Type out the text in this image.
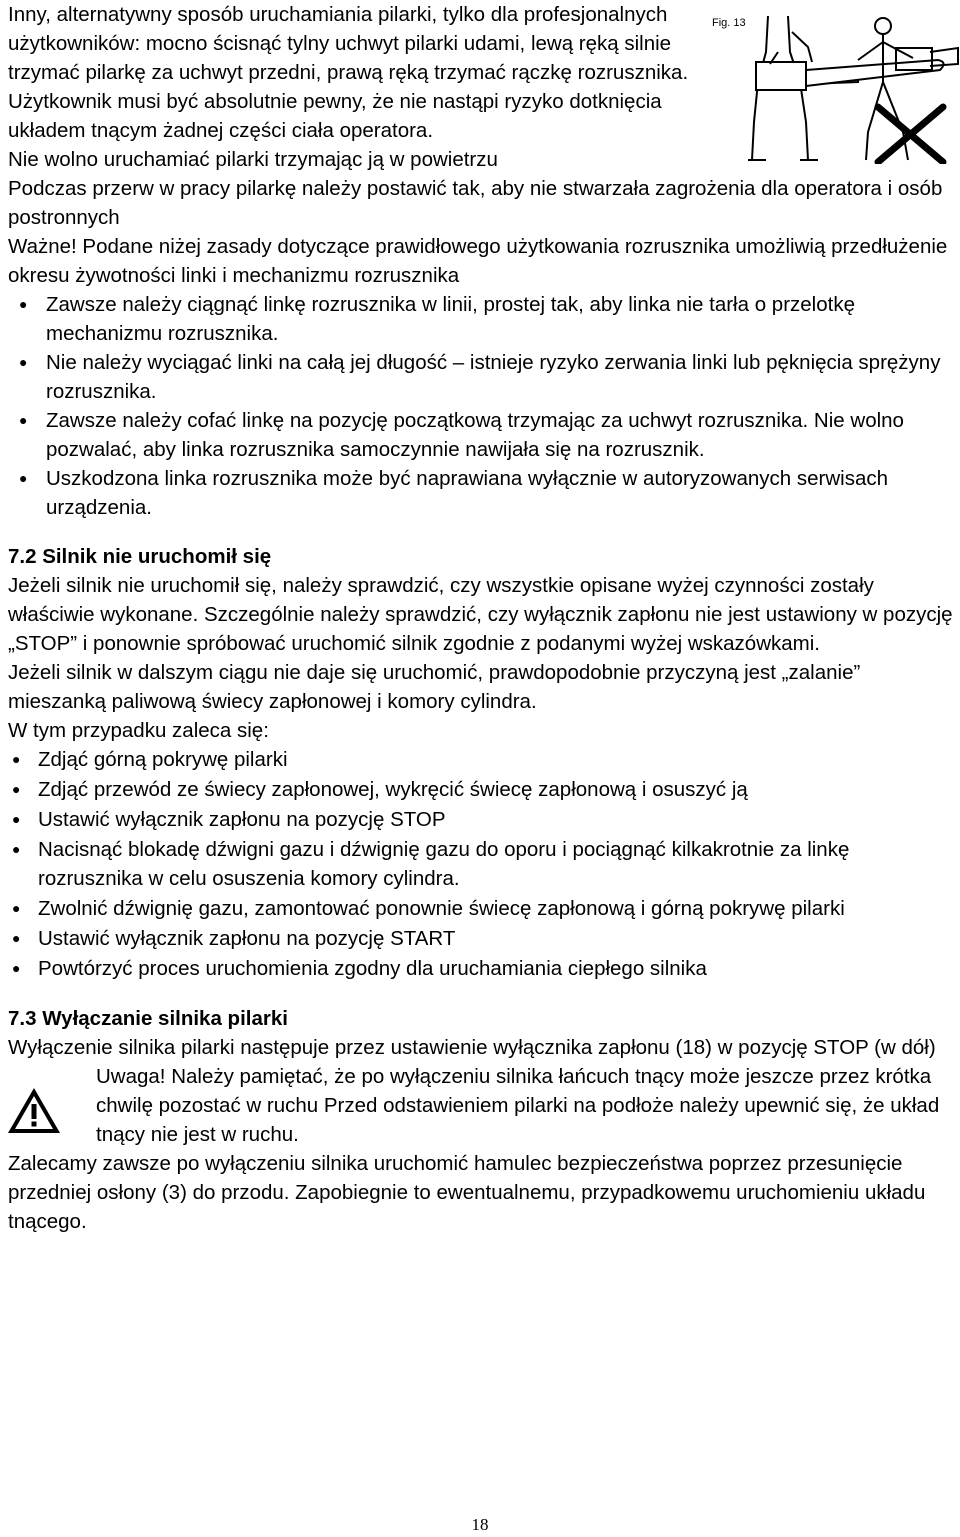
Inny, alternatywny sposób uruchamiania pilarki, tylko dla profesjonalnych użytkowników: mocno ścisnąć tylny uchwyt pilarki udami, lewą ręką silnie trzymać pilarkę za uchwyt przedni, prawą ręką trzymać rączkę rozrusznika. Użytkownik musi być absolutnie pewny, że nie nastąpi ryzyko dotknięcia układem tnącym żadnej części ciała operatora.

Nie wolno uruchamiać pilarki trzymając ją w powietrzu

Podczas przerw w pracy pilarkę należy postawić tak, aby nie stwarzała zagrożenia dla operatora i osób postronnych

Ważne! Podane niżej zasady dotyczące prawidłowego użytkowania rozrusznika umożliwią przedłużenie okresu żywotności linki i mechanizmu rozrusznika

● Zawsze należy ciągnąć linkę rozrusznika w linii, prostej tak, aby linka nie tarła o przelotkę mechanizmu rozrusznika.
● Nie należy wyciągać linki na całą jej długość – istnieje ryzyko zerwania linki lub pęknięcia sprężyny rozrusznika.
● Zawsze należy cofać linkę na pozycję początkową trzymając za uchwyt rozrusznika. Nie wolno pozwalać, aby linka rozrusznika samoczynnie nawijała się na rozrusznik.
● Uszkodzona linka rozrusznika może być naprawiana wyłącznie w autoryzowanych serwisach urządzenia.

7.2 Silnik nie uruchomił się

Jeżeli silnik nie uruchomił się, należy sprawdzić, czy wszystkie opisane wyżej czynności zostały właściwie wykonane. Szczególnie należy sprawdzić, czy wyłącznik zapłonu nie jest ustawiony w pozycję „STOP” i ponownie spróbować uruchomić silnik zgodnie z podanymi wyżej wskazówkami.

Jeżeli silnik w dalszym ciągu nie daje się uruchomić, prawdopodobnie przyczyną jest „zalanie” mieszanką paliwową świecy zapłonowej i komory cylindra.

W tym przypadku zaleca się:

● Zdjąć górną pokrywę pilarki
● Zdjąć przewód ze świecy zapłonowej, wykręcić świecę zapłonową i osuszyć ją
● Ustawić wyłącznik zapłonu na pozycję STOP
● Nacisnąć blokadę dźwigni gazu i dźwignię gazu do oporu i pociągnąć kilkakrotnie za linkę rozrusznika w celu osuszenia komory cylindra.
● Zwolnić dźwignię gazu, zamontować ponownie świecę zapłonową i górną pokrywę pilarki
● Ustawić wyłącznik zapłonu na pozycję START
● Powtórzyć proces uruchomienia zgodny dla uruchamiania ciepłego silnika

7.3 Wyłączanie silnika pilarki

Wyłączenie silnika pilarki następuje przez ustawienie wyłącznika zapłonu (18) w pozycję STOP (w dół)

Uwaga! Należy pamiętać, że po wyłączeniu silnika łańcuch tnący może jeszcze przez krótka chwilę pozostać w ruchu Przed odstawieniem pilarki na podłoże należy upewnić się, że układ tnący nie jest w ruchu.

Zalecamy zawsze po wyłączeniu silnika uruchomić hamulec bezpieczeństwa poprzez przesunięcie przedniej osłony (3) do przodu. Zapobiegnie to ewentualnemu, przypadkowemu uruchomieniu układu tnącego.

Fig. 13
18
